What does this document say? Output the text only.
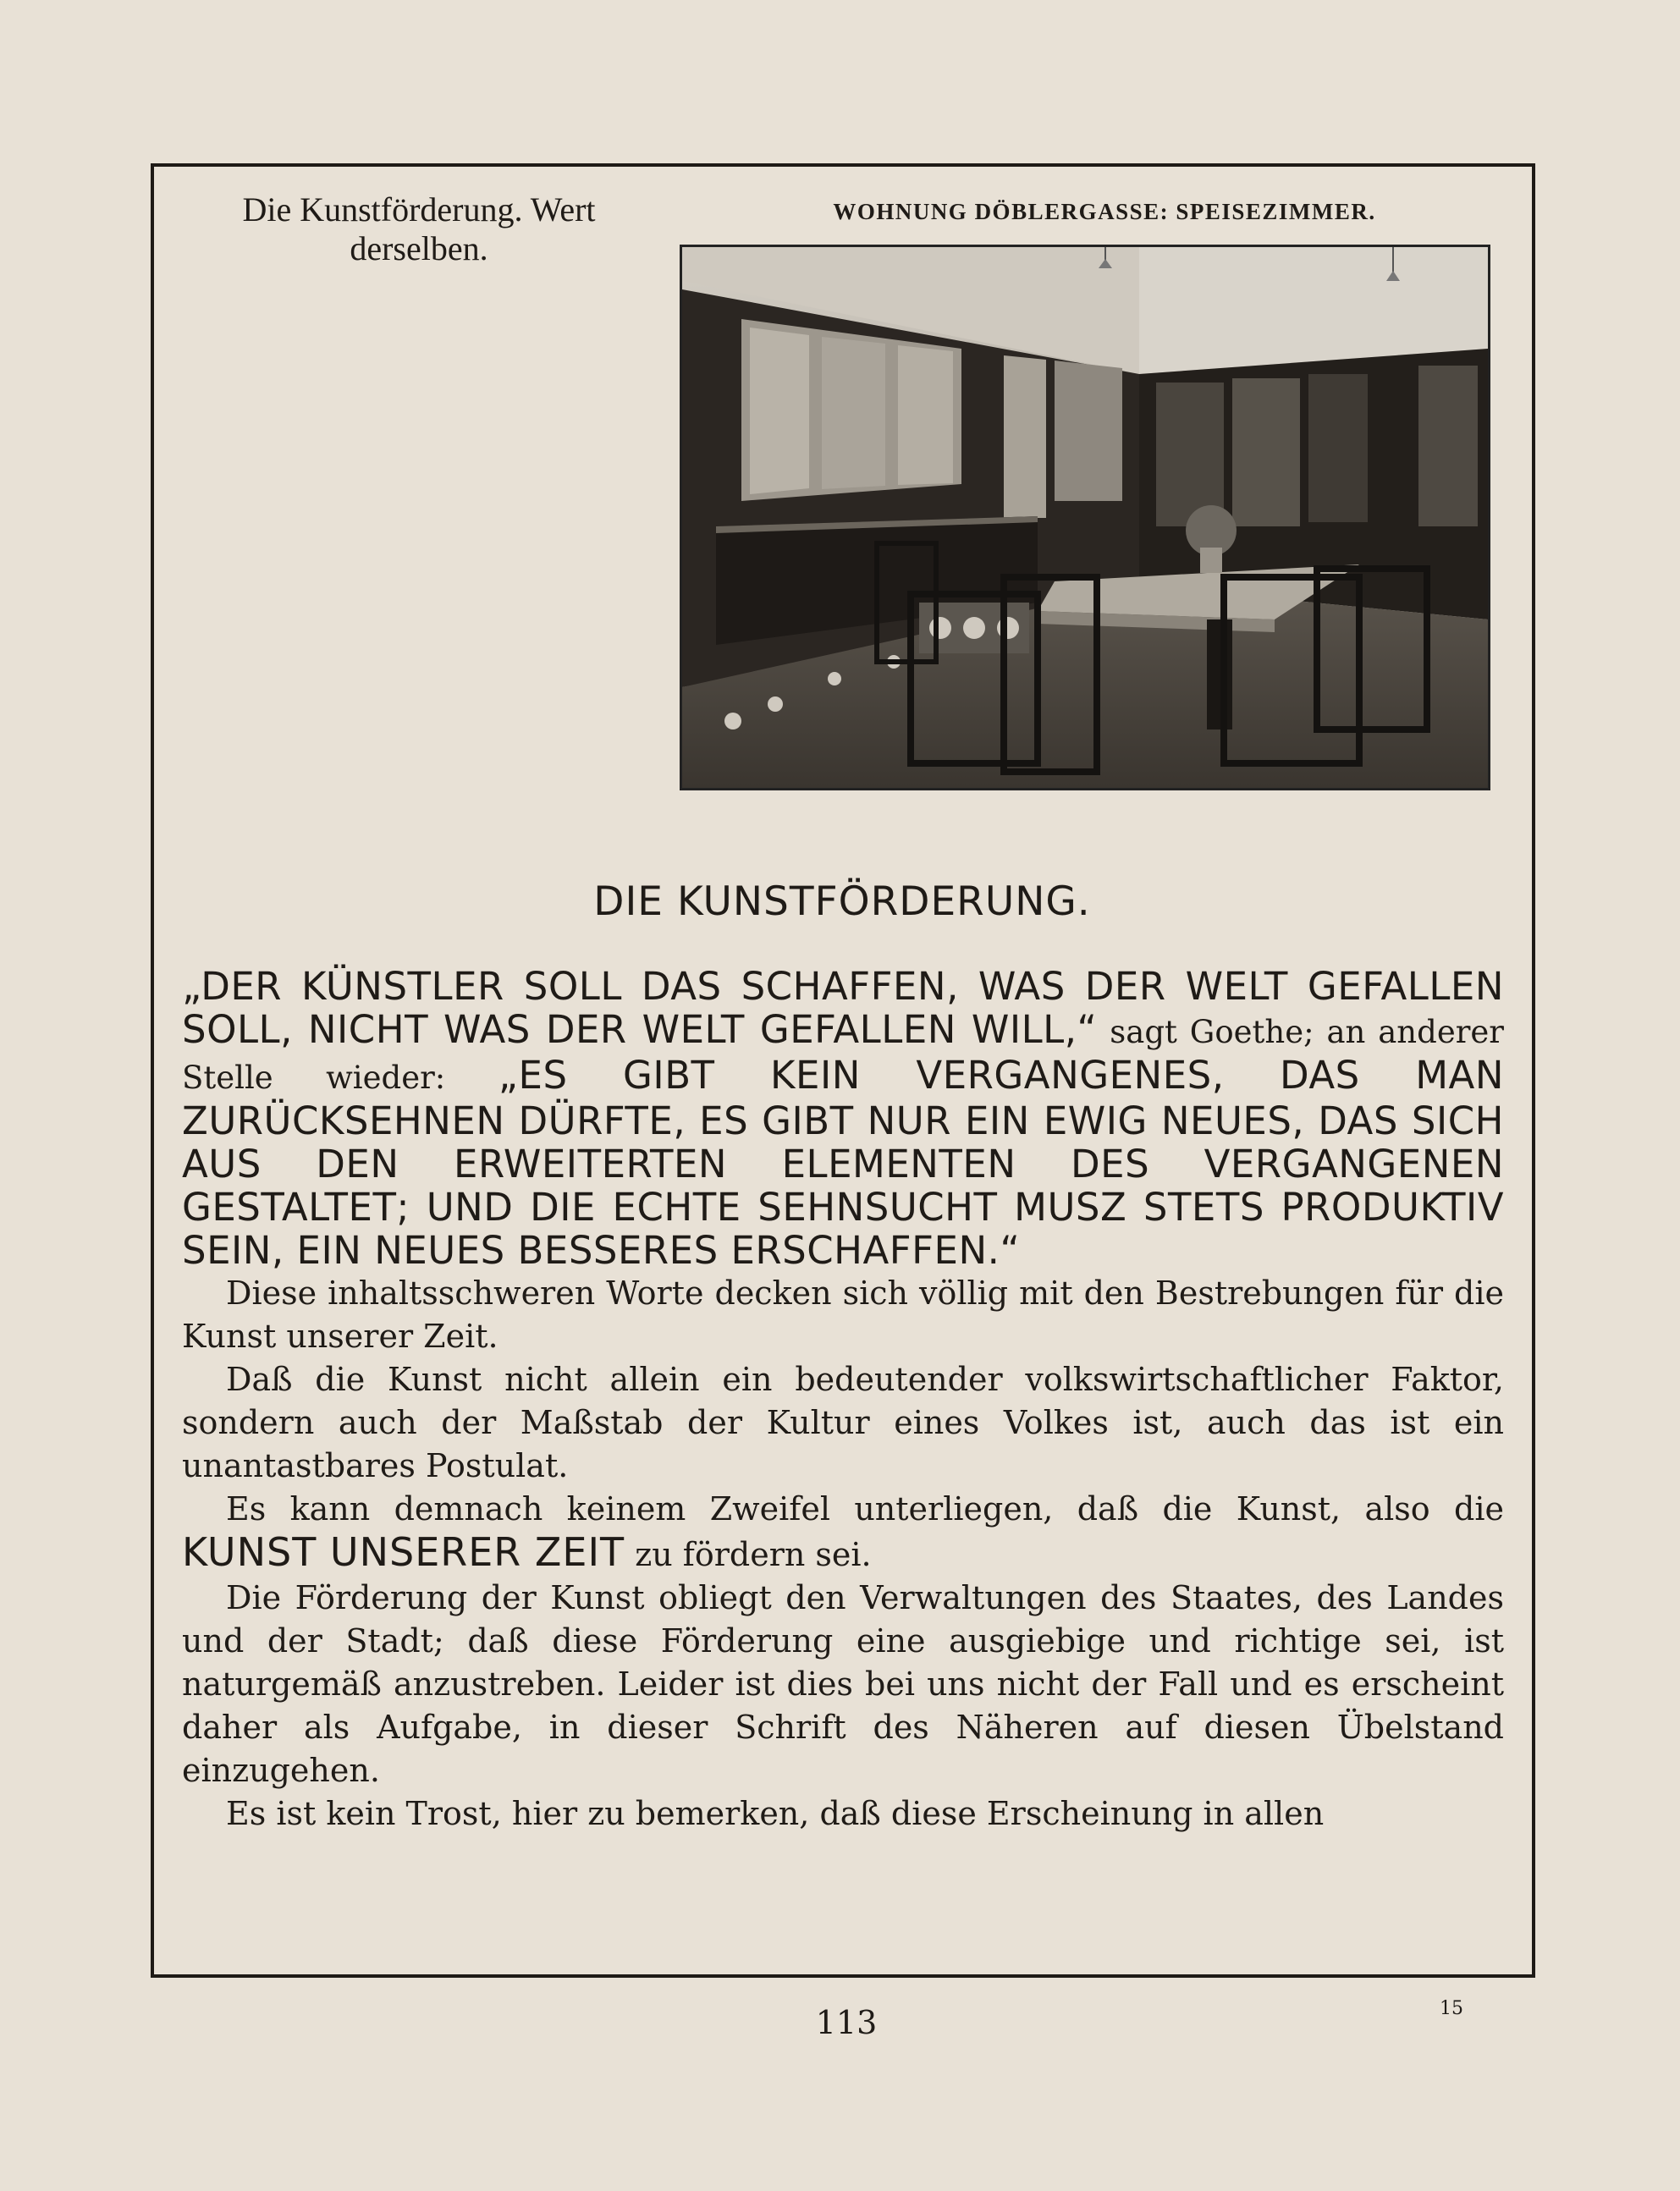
Die Kunstförderung. Wert
derselben.
WOHNUNG DÖBLERGASSE: SPEISEZIMMER.
DIE KUNSTFÖRDERUNG.

„DER KÜNSTLER SOLL DAS SCHAFFEN, WAS DER WELT GEFALLEN SOLL, NICHT WAS DER WELT GEFALLEN WILL,“ sagt Goethe; an anderer Stelle wieder: „ES GIBT KEIN VERGANGENES, DAS MAN ZURÜCKSEHNEN DÜRFTE, ES GIBT NUR EIN EWIG NEUES, DAS SICH AUS DEN ERWEITERTEN ELEMENTEN DES VERGANGENEN GESTALTET; UND DIE ECHTE SEHNSUCHT MUSZ STETS PRODUKTIV SEIN, EIN NEUES BESSERES ERSCHAFFEN.“

Diese inhaltsschweren Worte decken sich völlig mit den Bestrebungen für die Kunst unserer Zeit.

Daß die Kunst nicht allein ein bedeutender volkswirtschaftlicher Faktor, sondern auch der Maßstab der Kultur eines Volkes ist, auch das ist ein unantastbares Postulat.

Es kann demnach keinem Zweifel unterliegen, daß die Kunst, also die KUNST UNSERER ZEIT zu fördern sei.

Die Förderung der Kunst obliegt den Verwaltungen des Staates, des Landes und der Stadt; daß diese Förderung eine ausgiebige und richtige sei, ist naturgemäß anzustreben. Leider ist dies bei uns nicht der Fall und es erscheint daher als Aufgabe, in dieser Schrift des Näheren auf diesen Übelstand einzugehen.

Es ist kein Trost, hier zu bemerken, daß diese Erscheinung in allen

113	15
